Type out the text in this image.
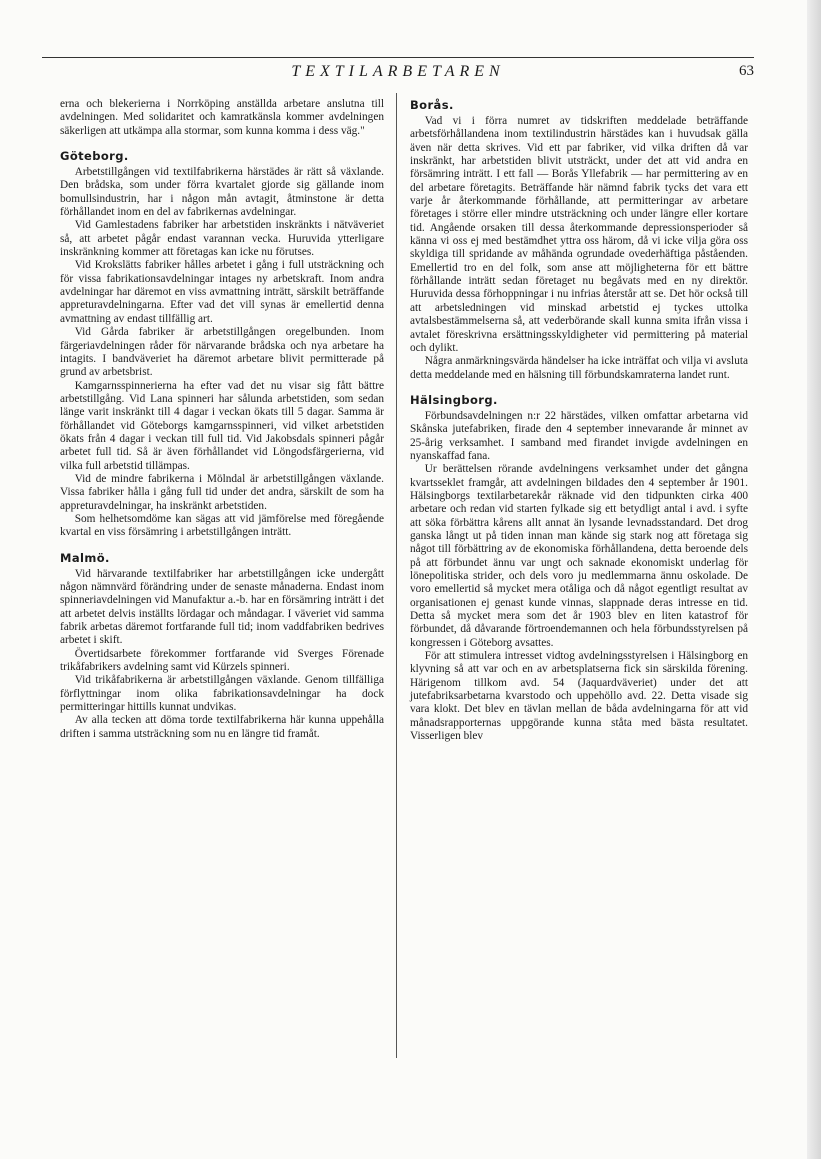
TEXTILARBETAREN	63

erna och blekerierna i Norrköping anställda arbetare anslutna till avdelningen. Med solidaritet och kamratkänsla kommer avdelningen säkerligen att utkämpa alla stormar, som kunna komma i dess väg."

Göteborg.

Arbetstillgången vid textilfabrikerna härstädes är rätt så växlande. Den brådska, som under förra kvartalet gjorde sig gällande inom bomullsindustrin, har i någon mån avtagit, åtminstone är detta förhållandet inom en del av fabrikernas avdelningar.

Vid Gamlestadens fabriker har arbetstiden inskränkts i nätväveriet så, att arbetet pågår endast varannan vecka. Huruvida ytterligare inskränkning kommer att företagas kan icke nu förutses.

Vid Krokslätts fabriker hålles arbetet i gång i full utsträckning och för vissa fabrikationsavdelningar intages ny arbetskraft. Inom andra avdelningar har däremot en viss avmattning inträtt, särskilt beträffande appreturavdelningarna. Efter vad det vill synas är emellertid denna avmattning av endast tillfällig art.

Vid Gårda fabriker är arbetstillgången oregelbunden. Inom färgeriavdelningen råder för närvarande brådska och nya arbetare ha intagits. I bandväveriet ha däremot arbetare blivit permitterade på grund av arbetsbrist.

Kamgarnsspinnerierna ha efter vad det nu visar sig fått bättre arbetstillgång. Vid Lana spinneri har sålunda arbetstiden, som sedan länge varit inskränkt till 4 dagar i veckan ökats till 5 dagar. Samma är förhållandet vid Göteborgs kamgarnsspinneri, vid vilket arbetstiden ökats från 4 dagar i veckan till full tid. Vid Jakobsdals spinneri pågår arbetet full tid. Så är även förhållandet vid Löngodsfärgerierna, vid vilka full arbetstid tillämpas.

Vid de mindre fabrikerna i Mölndal är arbetstillgången växlande. Vissa fabriker hålla i gång full tid under det andra, särskilt de som ha appreturavdelningar, ha inskränkt arbetstiden.

Som helhetsomdöme kan sägas att vid jämförelse med föregående kvartal en viss försämring i arbetstillgången inträtt.

Malmö.

Vid härvarande textilfabriker har arbetstillgången icke undergått någon nämnvärd förändring under de senaste månaderna. Endast inom spinneriavdelningen vid Manufaktur a.-b. har en försämring inträtt i det att arbetet delvis inställts lördagar och måndagar. I väveriet vid samma fabrik arbetas däremot fortfarande full tid; inom vaddfabriken bedrives arbetet i skift.

Övertidsarbete förekommer fortfarande vid Sverges Förenade trikåfabrikers avdelning samt vid Kürzels spinneri.

Vid trikåfabrikerna är arbetstillgången växlande. Genom tillfälliga förflyttningar inom olika fabrikationsavdelningar ha dock permitteringar hittills kunnat undvikas.

Av alla tecken att döma torde textilfabrikerna här kunna uppehålla driften i samma utsträckning som nu en längre tid framåt.

Borås.

Vad vi i förra numret av tidskriften meddelade beträffande arbetsförhållandena inom textilindustrin härstädes kan i huvudsak gälla även när detta skrives. Vid ett par fabriker, vid vilka driften då var inskränkt, har arbetstiden blivit utsträckt, under det att vid andra en försämring inträtt. I ett fall — Borås Yllefabrik — har permittering av en del arbetare företagits. Beträffande här nämnd fabrik tycks det vara ett varje år återkommande förhållande, att permitteringar av arbetare företages i större eller mindre utsträckning och under längre eller kortare tid. Angående orsaken till dessa återkommande depressionsperioder så känna vi oss ej med bestämdhet yttra oss härom, då vi icke vilja göra oss skyldiga till spridande av måhända ogrundade ovederhäftiga påståenden. Emellertid tro en del folk, som anse att möjligheterna för ett bättre förhållande inträtt sedan företaget nu begåvats med en ny direktör. Huruvida dessa förhoppningar i nu infrias återstår att se. Det hör också till att arbetsledningen vid minskad arbetstid ej tyckes uttolka avtalsbestämmelserna så, att vederbörande skall kunna smita ifrån vissa i avtalet föreskrivna ersättningsskyldigheter vid permittering på material och dylikt.

Några anmärkningsvärda händelser ha icke inträffat och vilja vi avsluta detta meddelande med en hälsning till förbundskamraterna landet runt.

Hälsingborg.

Förbundsavdelningen n:r 22 härstädes, vilken omfattar arbetarna vid Skånska jutefabriken, firade den 4 september innevarande år minnet av 25-årig verksamhet. I samband med firandet invigde avdelningen en nyanskaffad fana.

Ur berättelsen rörande avdelningens verksamhet under det gångna kvartsseklet framgår, att avdelningen bildades den 4 september år 1901. Hälsingborgs textilarbetarekår räknade vid den tidpunkten cirka 400 arbetare och redan vid starten fylkade sig ett betydligt antal i avd. i syfte att söka förbättra kårens allt annat än lysande levnadsstandard. Det drog ganska långt ut på tiden innan man kände sig stark nog att företaga sig något till förbättring av de ekonomiska förhållandena, detta beroende dels på att förbundet ännu var ungt och saknade ekonomiskt underlag för lönepolitiska strider, och dels voro ju medlemmarna ännu oskolade. De voro emellertid så mycket mera otåliga och då något egentligt resultat av organisationen ej genast kunde vinnas, slappnade deras intresse en tid. Detta så mycket mera som det år 1903 blev en liten katastrof för förbundet, då dåvarande förtroendemannen och hela förbundsstyrelsen på kongressen i Göteborg avsattes.

För att stimulera intresset vidtog avdelningsstyrelsen i Hälsingborg en klyvning så att var och en av arbetsplatserna fick sin särskilda förening. Härigenom tillkom avd. 54 (Jaquardväveriet) under det att jutefabriksarbetarna kvarstodo och uppehöllo avd. 22. Detta visade sig vara klokt. Det blev en tävlan mellan de båda avdelningarna för att vid månadsrapporternas uppgörande kunna ståta med bästa resultatet. Visserligen blev
